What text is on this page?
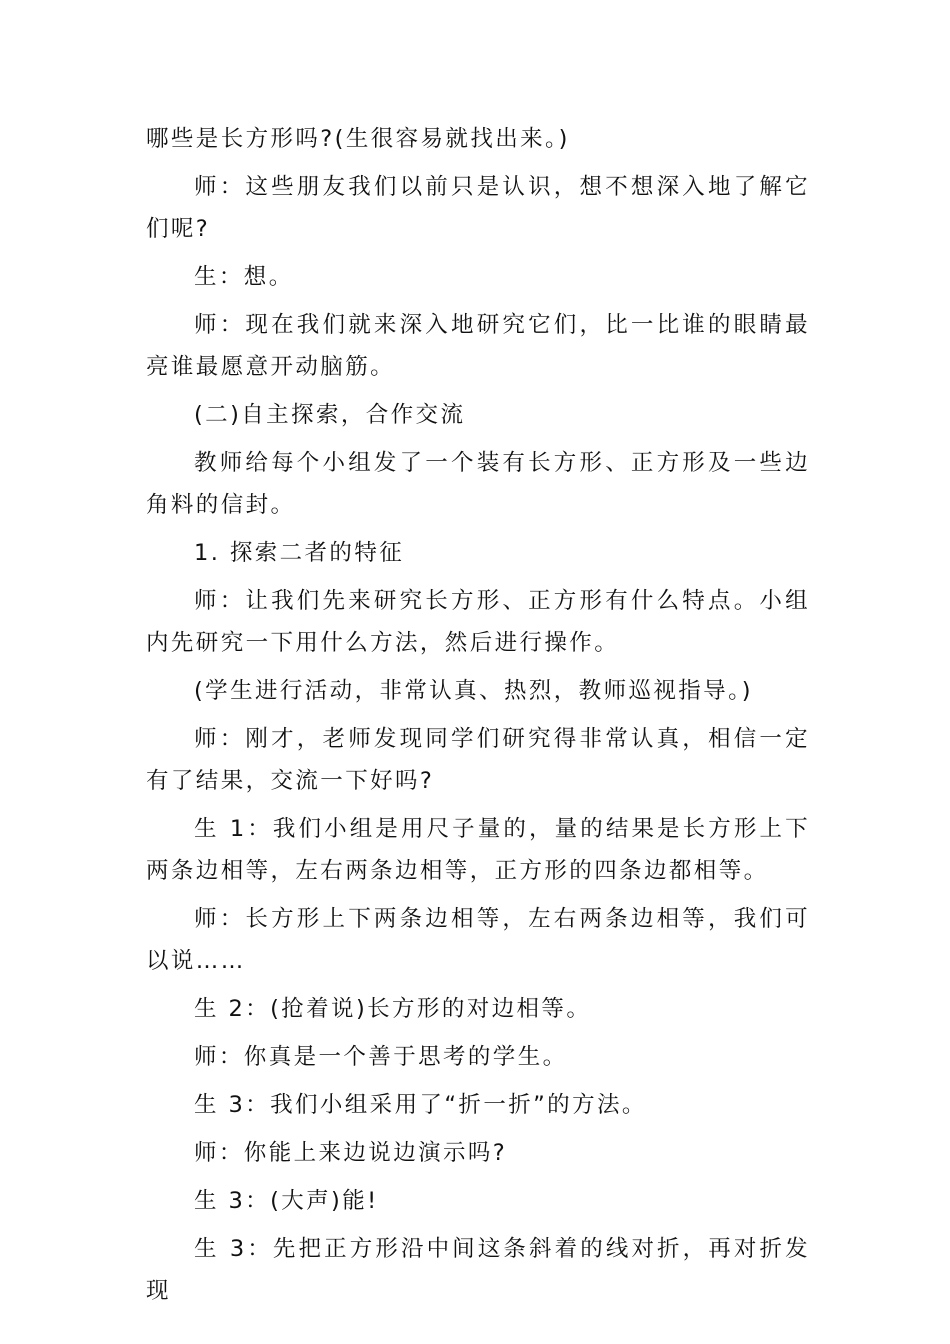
哪些是长方形吗?(生很容易就找出来。)

师：这些朋友我们以前只是认识，想不想深入地了解它们呢?

生：想。

师：现在我们就来深入地研究它们，比一比谁的眼睛最亮谁最愿意开动脑筋。

(二)自主探索，合作交流

教师给每个小组发了一个装有长方形、正方形及一些边角料的信封。

1. 探索二者的特征

师：让我们先来研究长方形、正方形有什么特点。小组内先研究一下用什么方法，然后进行操作。

(学生进行活动，非常认真、热烈，教师巡视指导。)

师：刚才，老师发现同学们研究得非常认真，相信一定有了结果，交流一下好吗?

生 1：我们小组是用尺子量的，量的结果是长方形上下两条边相等，左右两条边相等，正方形的四条边都相等。

师：长方形上下两条边相等，左右两条边相等，我们可以说……

生 2：(抢着说)长方形的对边相等。

师：你真是一个善于思考的学生。

生 3：我们小组采用了“折一折”的方法。

师：你能上来边说边演示吗?

生 3：(大声)能!

生 3：先把正方形沿中间这条斜着的线对折，再对折发现
